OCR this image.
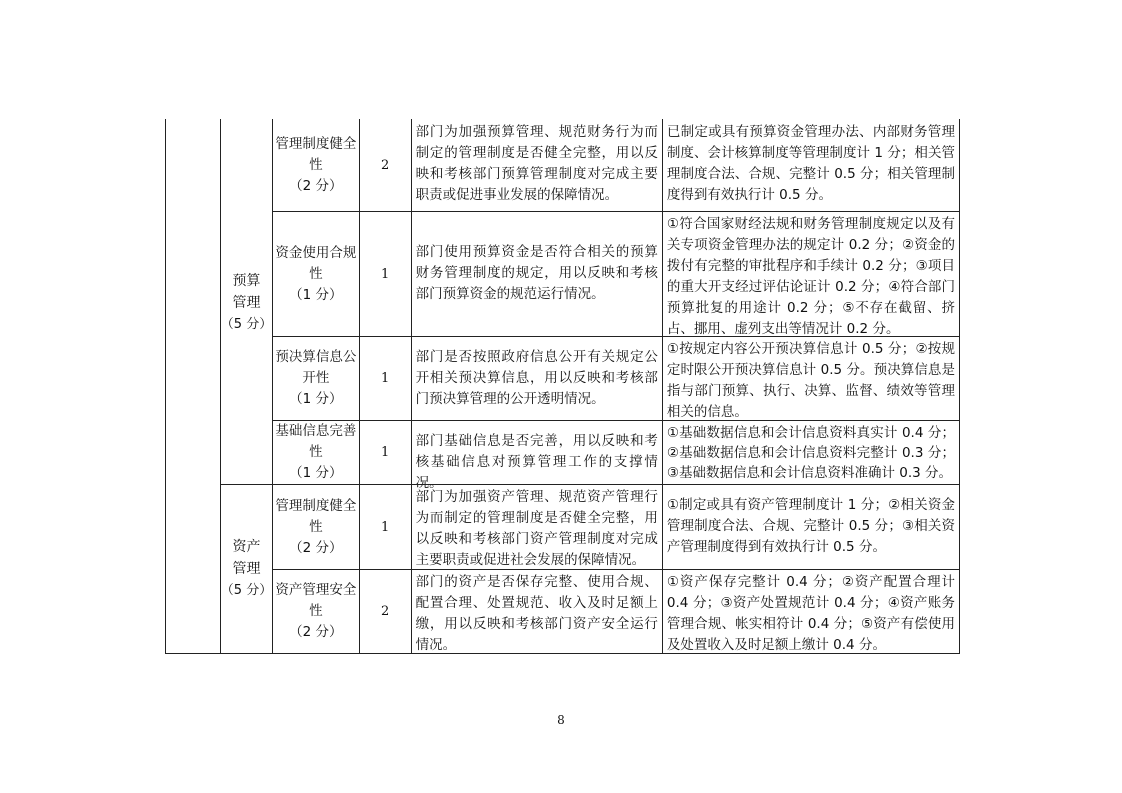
预算
管理
（5 分）
资产
管理
（5 分）
管理制度健全
性
（2 分）
2
部门为加强预算管理、规范财务行为而制定的管理制度是否健全完整，用以反映和考核部门预算管理制度对完成主要职责或促进事业发展的保障情况。
已制定或具有预算资金管理办法、内部财务管理制度、会计核算制度等管理制度计 1 分；相关管理制度合法、合规、完整计 0.5 分；相关管理制度得到有效执行计 0.5 分。
资金使用合规
性
（1 分）
1
部门使用预算资金是否符合相关的预算财务管理制度的规定，用以反映和考核部门预算资金的规范运行情况。
①符合国家财经法规和财务管理制度规定以及有关专项资金管理办法的规定计 0.2 分；②资金的拨付有完整的审批程序和手续计 0.2 分；③项目的重大开支经过评估论证计 0.2 分；④符合部门预算批复的用途计 0.2 分；⑤不存在截留、挤占、挪用、虚列支出等情况计 0.2 分。
预决算信息公
开性
（1 分）
1
部门是否按照政府信息公开有关规定公开相关预决算信息，用以反映和考核部门预决算管理的公开透明情况。
①按规定内容公开预决算信息计 0.5 分；②按规定时限公开预决算信息计 0.5 分。预决算信息是指与部门预算、执行、决算、监督、绩效等管理相关的信息。
基础信息完善
性
（1 分）
1
部门基础信息是否完善，用以反映和考核基础信息对预算管理工作的支撑情况。
①基础数据信息和会计信息资料真实计 0.4 分；②基础数据信息和会计信息资料完整计 0.3 分；③基础数据信息和会计信息资料准确计 0.3 分。
管理制度健全
性
（2 分）
1
部门为加强资产管理、规范资产管理行为而制定的管理制度是否健全完整，用以反映和考核部门资产管理制度对完成主要职责或促进社会发展的保障情况。
①制定或具有资产管理制度计 1 分；②相关资金管理制度合法、合规、完整计 0.5 分；③相关资产管理制度得到有效执行计 0.5 分。
资产管理安全
性
（2 分）
2
部门的资产是否保存完整、使用合规、配置合理、处置规范、收入及时足额上缴，用以反映和考核部门资产安全运行情况。
①资产保存完整计 0.4 分；②资产配置合理计 0.4 分；③资产处置规范计 0.4 分；④资产账务管理合规、帐实相符计 0.4 分；⑤资产有偿使用及处置收入及时足额上缴计 0.4 分。
8
